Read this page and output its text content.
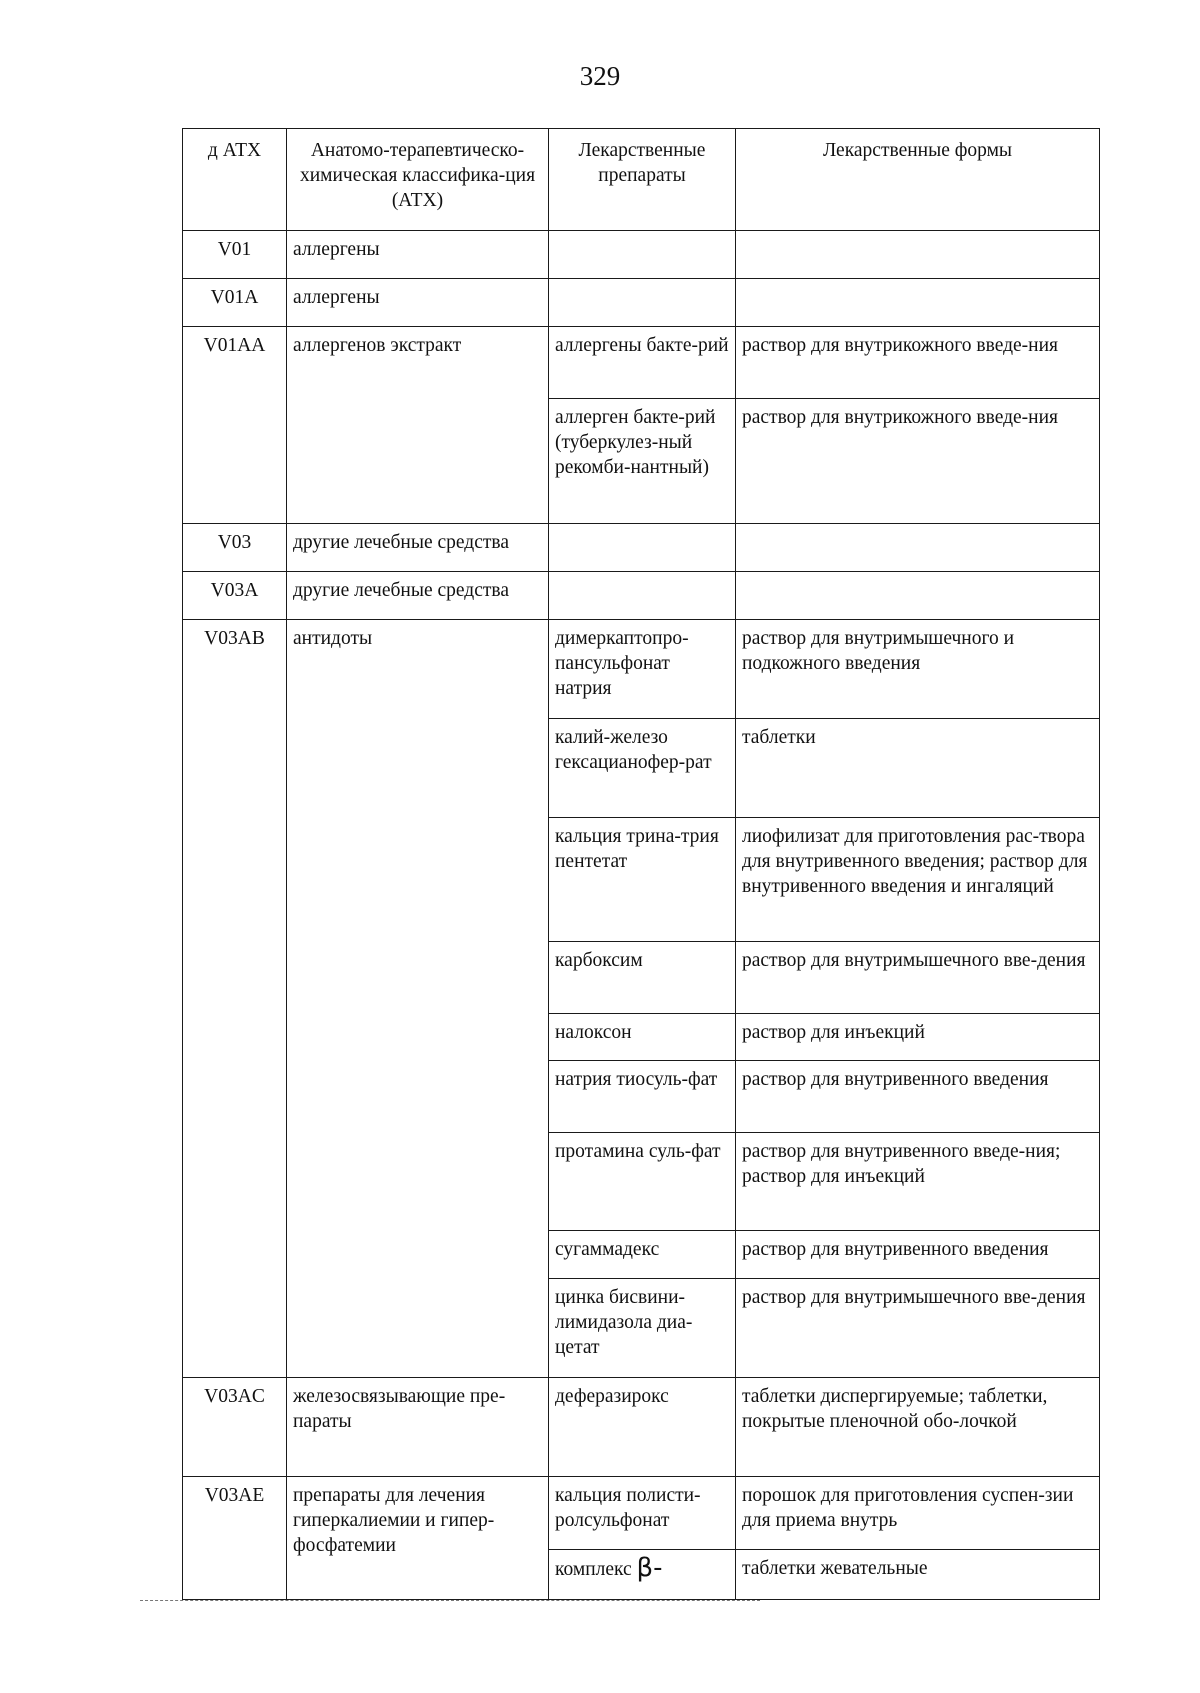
329
д АТХ	Анатомо-терапевтическо-химическая классифика-ция (АТХ)	Лекарственные препараты	Лекарственные формы
V01	аллергены		
V01A	аллергены		
V01AA	аллергенов экстракт	аллергены бакте-рий	раствор для внутрикожного введе-ния
		аллерген бакте-рий (туберкулез-ный рекомби-нантный)	раствор для внутрикожного введе-ния
V03	другие лечебные средства		
V03A	другие лечебные средства		
V03AB	антидоты	димеркаптопро-пансульфонат натрия	раствор для внутримышечного и подкожного введения
		калий-железо гексацианофер-рат	таблетки
		кальция трина-трия пентетат	лиофилизат для приготовления рас-твора для внутривенного введения; раствор для внутривенного введения и ингаляций
		карбоксим	раствор для внутримышечного вве-дения
		налоксон	раствор для инъекций
		натрия тиосуль-фат	раствор для внутривенного введения
		протамина суль-фат	раствор для внутривенного введе-ния; раствор для инъекций
		сугаммадекс	раствор для внутривенного введения
		цинка бисвини-лимидазола диа-цетат	раствор для внутримышечного вве-дения
V03AC	железосвязывающие пре-параты	деферазирокс	таблетки диспергируемые; таблетки, покрытые пленочной обо-лочкой
V03AE	препараты для лечения гиперкалиемии и гипер-фосфатемии	кальция полисти-ролсульфонат	порошок для приготовления суспен-зии для приема внутрь
		комплекс β-	таблетки жевательные
